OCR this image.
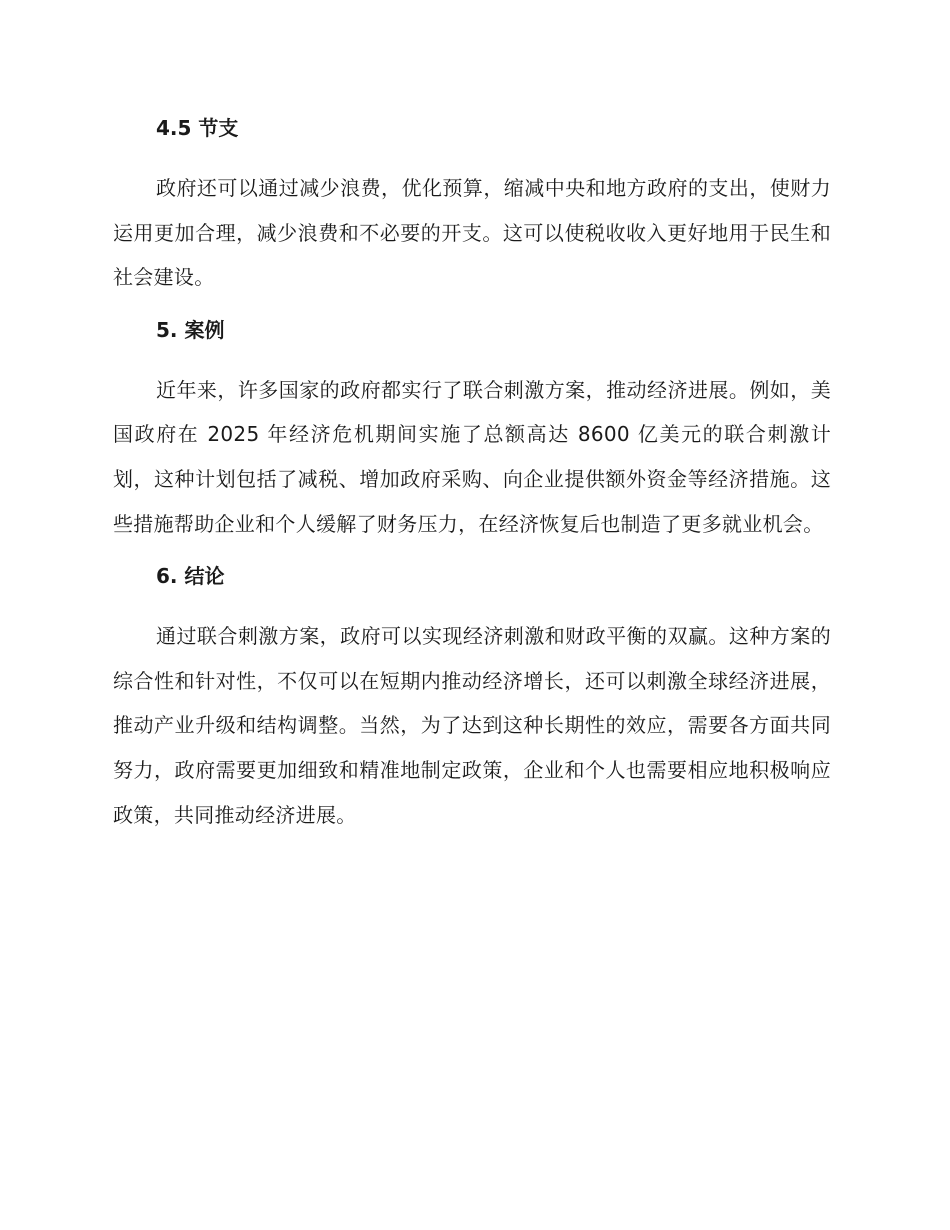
4.5 节支

政府还可以通过减少浪费，优化预算，缩减中央和地方政府的支出，使财力运用更加合理，减少浪费和不必要的开支。这可以使税收收入更好地用于民生和社会建设。

5. 案例

近年来，许多国家的政府都实行了联合刺激方案，推动经济进展。例如，美国政府在 2025 年经济危机期间实施了总额高达 8600 亿美元的联合刺激计划，这种计划包括了减税、增加政府采购、向企业提供额外资金等经济措施。这些措施帮助企业和个人缓解了财务压力，在经济恢复后也制造了更多就业机会。

6. 结论

通过联合刺激方案，政府可以实现经济刺激和财政平衡的双赢。这种方案的综合性和针对性，不仅可以在短期内推动经济增长，还可以刺激全球经济进展，推动产业升级和结构调整。当然，为了达到这种长期性的效应，需要各方面共同努力，政府需要更加细致和精准地制定政策，企业和个人也需要相应地积极响应政策，共同推动经济进展。
